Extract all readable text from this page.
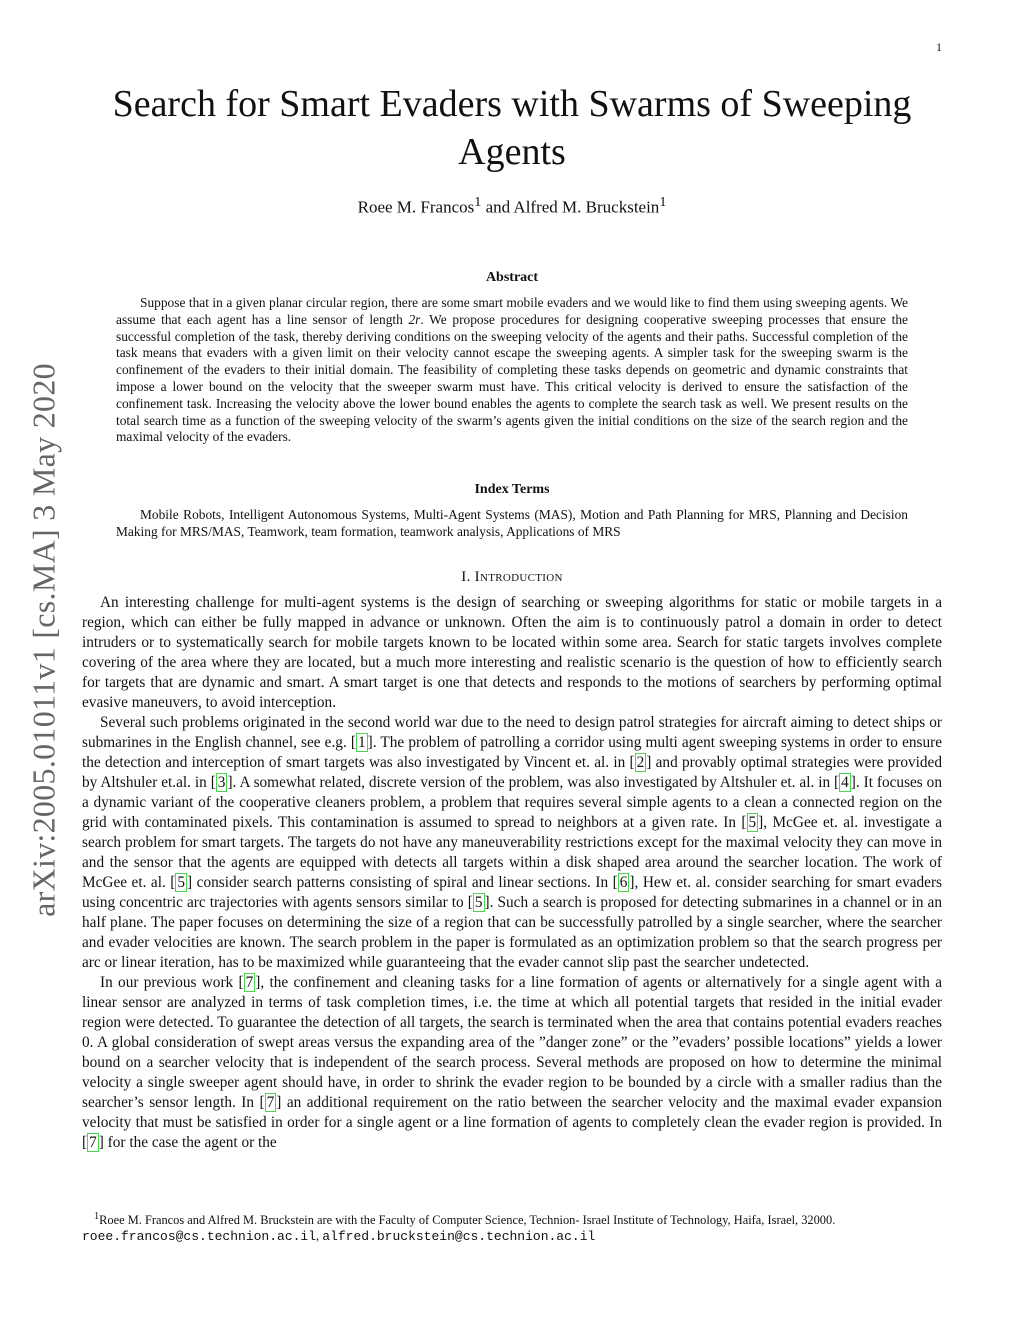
1
arXiv:2005.01011v1 [cs.MA] 3 May 2020
Search for Smart Evaders with Swarms of Sweeping Agents
Roee M. Francos$^1$ and Alfred M. Bruckstein$^1$
Abstract
Suppose that in a given planar circular region, there are some smart mobile evaders and we would like to find them using sweeping agents. We assume that each agent has a line sensor of length 2r. We propose procedures for designing cooperative sweeping processes that ensure the successful completion of the task, thereby deriving conditions on the sweeping velocity of the agents and their paths. Successful completion of the task means that evaders with a given limit on their velocity cannot escape the sweeping agents. A simpler task for the sweeping swarm is the confinement of the evaders to their initial domain. The feasibility of completing these tasks depends on geometric and dynamic constraints that impose a lower bound on the velocity that the sweeper swarm must have. This critical velocity is derived to ensure the satisfaction of the confinement task. Increasing the velocity above the lower bound enables the agents to complete the search task as well. We present results on the total search time as a function of the sweeping velocity of the swarm’s agents given the initial conditions on the size of the search region and the maximal velocity of the evaders.
Index Terms
Mobile Robots, Intelligent Autonomous Systems, Multi-Agent Systems (MAS), Motion and Path Planning for MRS, Planning and Decision Making for MRS/MAS, Teamwork, team formation, teamwork analysis, Applications of MRS
I. Introduction

An interesting challenge for multi-agent systems is the design of searching or sweeping algorithms for static or mobile targets in a region, which can either be fully mapped in advance or unknown. Often the aim is to continuously patrol a domain in order to detect intruders or to systematically search for mobile targets known to be located within some area. Search for static targets involves complete covering of the area where they are located, but a much more interesting and realistic scenario is the question of how to efficiently search for targets that are dynamic and smart. A smart target is one that detects and responds to the motions of searchers by performing optimal evasive maneuvers, to avoid interception.

Several such problems originated in the second world war due to the need to design patrol strategies for aircraft aiming to detect ships or submarines in the English channel, see e.g. [ 1 ]. The problem of patrolling a corridor using multi agent sweeping systems in order to ensure the detection and interception of smart targets was also investigated by Vincent et. al. in [ 2 ] and provably optimal strategies were provided by Altshuler et.al. in [ 3 ]. A somewhat related, discrete version of the problem, was also investigated by Altshuler et. al. in [ 4 ]. It focuses on a dynamic variant of the cooperative cleaners problem, a problem that requires several simple agents to a clean a connected region on the grid with contaminated pixels. This contamination is assumed to spread to neighbors at a given rate. In [ 5 ], McGee et. al. investigate a search problem for smart targets. The targets do not have any maneuverability restrictions except for the maximal velocity they can move in and the sensor that the agents are equipped with detects all targets within a disk shaped area around the searcher location. The work of McGee et. al. [ 5 ] consider search patterns consisting of spiral and linear sections. In [ 6 ], Hew et. al. consider searching for smart evaders using concentric arc trajectories with agents sensors similar to [ 5 ]. Such a search is proposed for detecting submarines in a channel or in an half plane. The paper focuses on determining the size of a region that can be successfully patrolled by a single searcher, where the searcher and evader velocities are known. The search problem in the paper is formulated as an optimization problem so that the search progress per arc or linear iteration, has to be maximized while guaranteeing that the evader cannot slip past the searcher undetected.

In our previous work [ 7 ], the confinement and cleaning tasks for a line formation of agents or alternatively for a single agent with a linear sensor are analyzed in terms of task completion times, i.e. the time at which all potential targets that resided in the initial evader region were detected. To guarantee the detection of all targets, the search is terminated when the area that contains potential evaders reaches 0. A global consideration of swept areas versus the expanding area of the ”danger zone” or the ”evaders’ possible locations” yields a lower bound on a searcher velocity that is independent of the search process. Several methods are proposed on how to determine the minimal velocity a single sweeper agent should have, in order to shrink the evader region to be bounded by a circle with a smaller radius than the searcher’s sensor length. In [ 7 ] an additional requirement on the ratio between the searcher velocity and the maximal evader expansion velocity that must be satisfied in order for a single agent or a line formation of agents to completely clean the evader region is provided. In [ 7 ] for the case the agent or the

$^1$Roee M. Francos and Alfred M. Bruckstein are with the Faculty of Computer Science, Technion- Israel Institute of Technology, Haifa, Israel, 32000.
roee.francos@cs.technion.ac.il, alfred.bruckstein@cs.technion.ac.il
